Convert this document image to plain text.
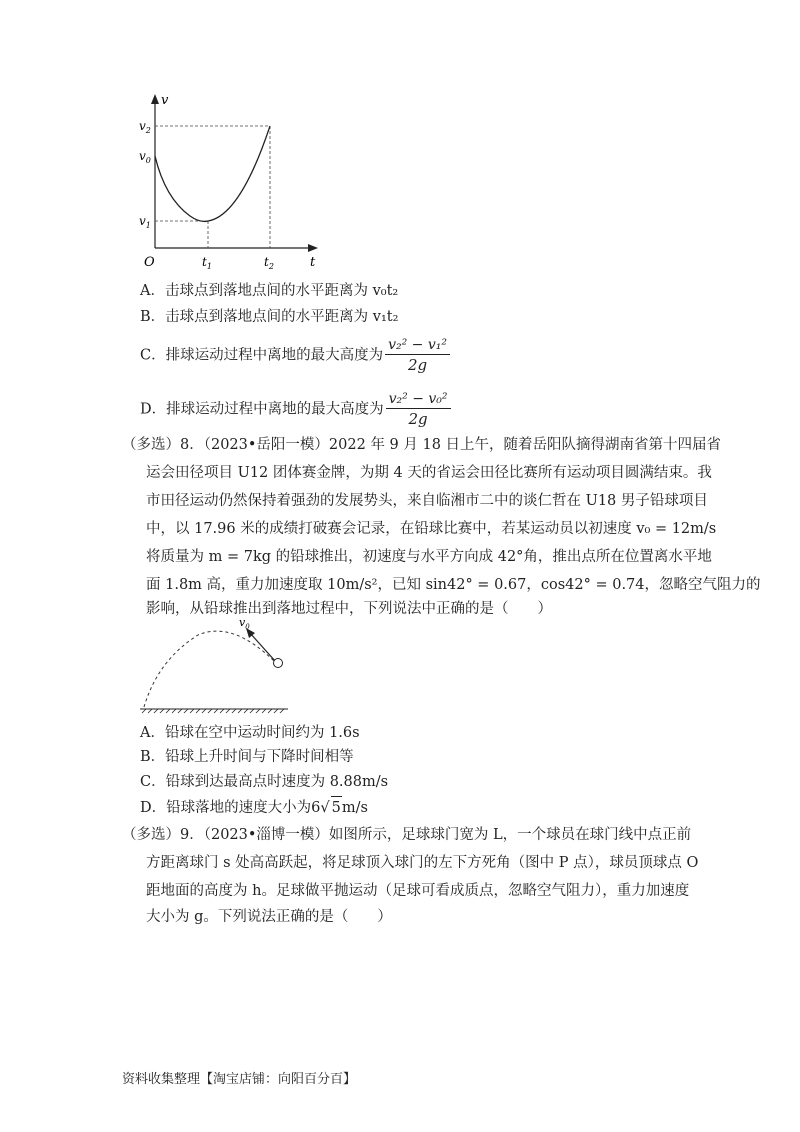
v
t
O
$v_2$
$v_0$
$v_1$
$t_1$	$t_2$
A．击球点到落地点间的水平距离为 v₀t₂
B．击球点到落地点间的水平距离为 v₁t₂
C．排球运动过程中离地的最大高度为 $\frac{\text{v₂² − v₁²}}{2g}$
D．排球运动过程中离地的最大高度为 $\frac{\text{v₂² − v₀²}}{2g}$
（多选）8．（2023•岳阳一模）2022 年 9 月 18 日上午，随着岳阳队摘得湖南省第十四届省
运会田径项目 U12 团体赛金牌，为期 4 天的省运会田径比赛所有运动项目圆满结束。我
市田径运动仍然保持着强劲的发展势头，来自临湘市二中的谈仁哲在 U18 男子铅球项目
中，以 17.96 米的成绩打破赛会记录，在铅球比赛中，若某运动员以初速度 v₀ = 12m/s
将质量为 m = 7kg 的铅球推出，初速度与水平方向成 42°角，推出点所在位置离水平地
面 1.8m 高，重力加速度取 10m/s²，已知 sin42° = 0.67，cos42° = 0.74，忽略空气阻力的
影响，从铅球推出到落地过程中，下列说法中正确的是（　　）
$v_0$
A．铅球在空中运动时间约为 1.6s
B．铅球上升时间与下降时间相等
C．铅球到达最高点时速度为 8.88m/s
D．铅球落地的速度大小为6√ 5m/s
（多选）9．（2023•淄博一模）如图所示，足球球门宽为 L，一个球员在球门线中点正前
方距离球门 s 处高高跃起，将足球顶入球门的左下方死角（图中 P 点），球员顶球点 O
距地面的高度为 h。足球做平抛运动（足球可看成质点，忽略空气阻力），重力加速度
大小为 g。下列说法正确的是（　　）
资料收集整理【淘宝店铺：向阳百分百】
